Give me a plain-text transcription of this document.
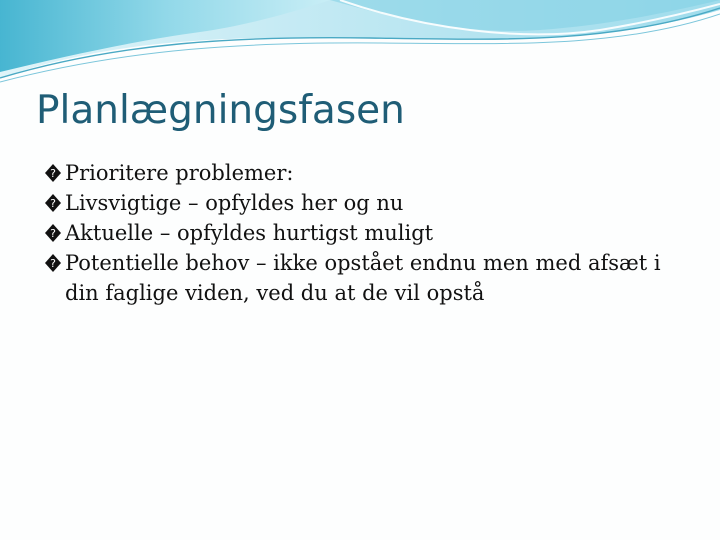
Planlægningsfasen
? Prioritere problemer:
? Livsvigtige – opfyldes her og nu
? Aktuelle – opfyldes hurtigst muligt
? Potentielle behov – ikke opstået endnu men med afsæt i din faglige viden, ved du at de vil opstå
